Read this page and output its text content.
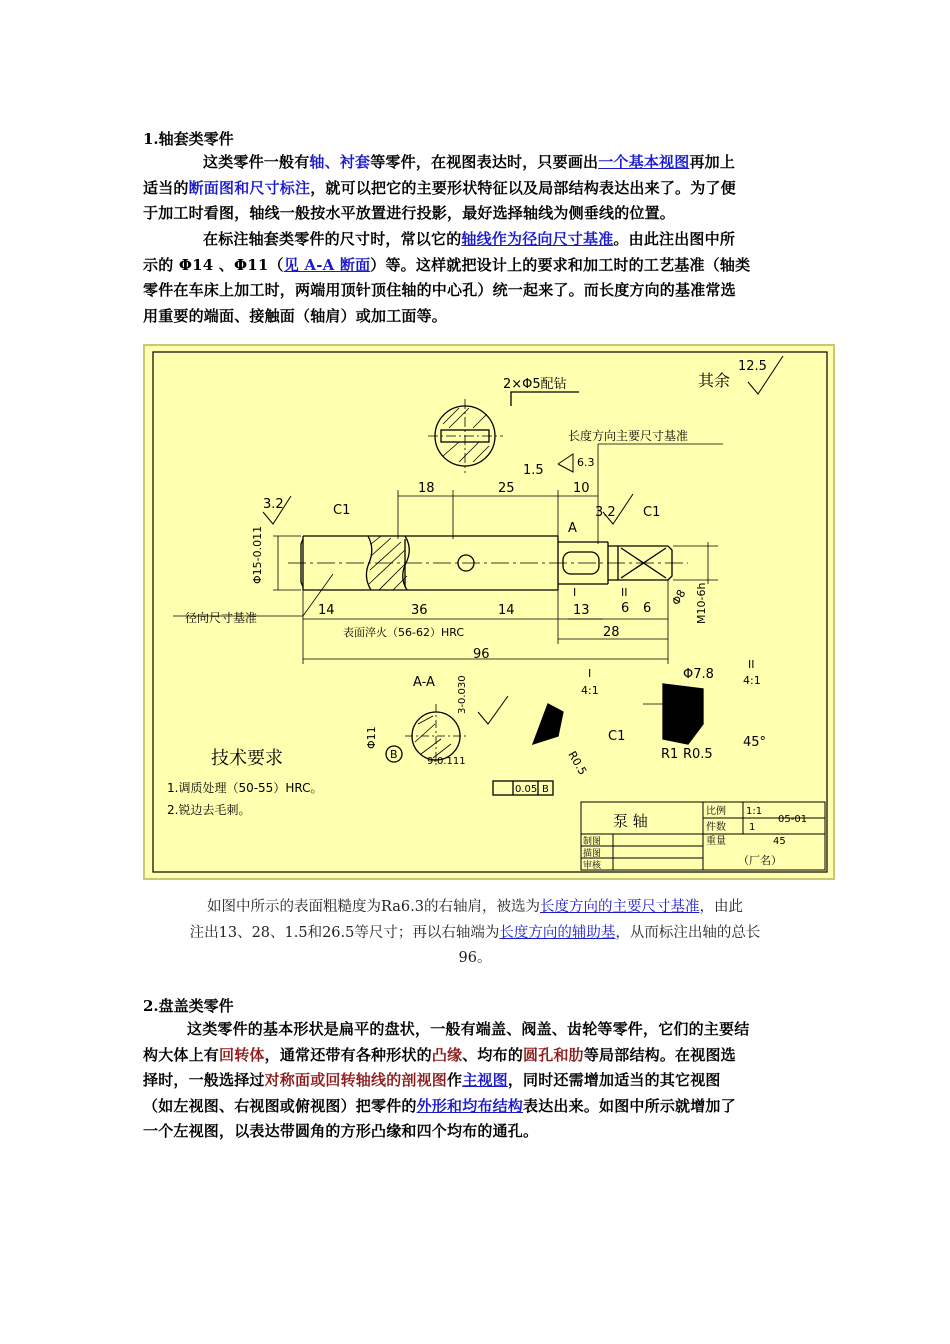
1.轴套类零件

这类零件一般有轴、衬套等零件，在视图表达时，只要画出一个基本视图再加上

适当的断面图和尺寸标注，就可以把它的主要形状特征以及局部结构表达出来了。为了便

于加工时看图，轴线一般按水平放置进行投影，最好选择轴线为侧垂线的位置。

在标注轴套类零件的尺寸时，常以它的轴线作为径向尺寸基准。由此注出图中所

示的 Φ14 、Φ11（见 A-A 断面）等。这样就把设计上的要求和加工时的工艺基准（轴类

零件在车床上加工时，两端用顶针顶住轴的中心孔）统一起来了。而长度方向的基准常选

用重要的端面、接触面（轴肩）或加工面等。

2×Φ5配钻	其余
12.5
长度方向主要尺寸基准
1.5
6.3
18	25	10
3.2	C1	3.2 C1
A
Φ15-0.011
径向尺寸基准	14	36	14
表面淬火（56-62）HRC
96
13 6 6
28
M10-6h
Φ8
I	II
A-A
Φ11
3-0.030
9-0.111
B
0.05 B
I
4:1
R0.5
C1
Φ7.8
II
4:1
R1 R0.5
45°
技术要求
1.调质处理（50-55）HRC。
2.锐边去毛刺。
泵 轴
比例 1:1
件数 1
05-01
重量	45
制图
描图
审核	（厂名）
如图中所示的表面粗糙度为Ra6.3的右轴肩，被选为长度方向的主要尺寸基准，由此
注出13、28、1.5和26.5等尺寸；再以右轴端为长度方向的辅助基，从而标注出轴的总长
96。
2.盘盖类零件

这类零件的基本形状是扁平的盘状，一般有端盖、阀盖、齿轮等零件，它们的主要结

构大体上有回转体，通常还带有各种形状的凸缘、均布的圆孔和肋等局部结构。在视图选

择时，一般选择过对称面或回转轴线的剖视图作主视图，同时还需增加适当的其它视图

（如左视图、右视图或俯视图）把零件的外形和均布结构表达出来。如图中所示就增加了

一个左视图，以表达带圆角的方形凸缘和四个均布的通孔。
